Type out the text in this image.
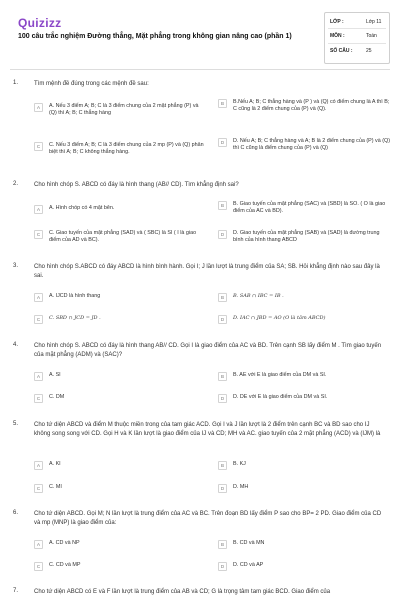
Quizizz
100 câu trắc nghiệm Đường thẳng, Mặt phẳng trong không gian nâng cao (phần 1)
LỚP :	Lớp 11
MÔN :	Toán
SỐ CÂU :	25
1.	Tìm mệnh đề đúng trong các mệnh đề sau:
A	A. Nếu 3 điểm A; B; C là 3 điểm chung của 2 mặt phẳng (P) và (Q) thì A; B; C thẳng hàng
B	B.Nếu A; B; C thẳng hàng và (P ) và (Q) có điểm chung là A thì B; C cũng là 2 điểm chung của (P) và (Q).
C	C. Nếu 3 điểm A; B; C là 3 điểm chung của 2 mp (P) và (Q) phân biệt thì A; B; C không thẳng hàng.
D	D. Nếu A; B; C thẳng hàng và A; B là 2 điểm chung của (P) và (Q) thì C cũng là điểm chung của (P) và (Q)
2.	Cho hình chóp S. ABCD có đáy là hình thang (AB// CD). Tìm khẳng định sai?
A	A. Hình chóp có 4 mặt bên.	B	B. Giao tuyến của mặt phẳng (SAC) và (SBD) là SO. ( O là giao điểm của AC và BD).
C	C. Giao tuyến của mặt phẳng (SAD) và ( SBC) là SI ( I là giao điểm của AD và BC).
D	D. Giao tuyến của mặt phẳng (SAB) và (SAD) là đường trung bình của hình thang ABCD
3.	Cho hình chóp S.ABCD có đáy ABCD là hình bình hành. Gọi I; J lần lượt là trung điểm của SA; SB. Hỏi khẳng định nào sau đây là sai.
A	A. IJCD là hình thang	B	B. SAB ∩ IBC = IB .
C	C. SBD ∩ JCD = JD .	D	D. IAC ∩ JBD = AO (O là tâm ABCD)
4.	Cho hình chóp S. ABCD có đáy là hình thang AB// CD. Gọi I là giao điểm của AC và BD. Trên cạnh SB lấy điểm M . Tìm giao tuyến của mặt phẳng (ADM) và (SAC)?
A	A. SI	B	B. AE với E là giao điểm của DM và SI.
C	C. DM	D	D. DE với E là giao điểm của DM và SI.
5.	Cho tứ diện ABCD và điểm M thuộc miền trong của tam giác ACD. Gọi I và J lần lượt là 2 điểm trên cạnh BC và BD sao cho IJ không song song với CD. Gọi H và K lần lượt là giao điểm của IJ và CD; MH và AC. giao tuyến của 2 mặt phẳng (ACD) và (IJM) là
A	A. KI	B	B. KJ
C	C. MI	D	D. MH
6.	Cho tứ diện ABCD. Gọi M; N lần lượt là trung điểm của AC và BC. Trên đoạn BD lấy điểm P sao cho BP= 2 PD. Giao điểm của CD và mp (MNP) là giao điểm của:
A	A. CD và NP	B	B. CD và MN
C	C. CD và MP	D	D. CD và AP
7.	Cho tứ diện ABCD có E và F lần lượt là trung điểm của AB và CD; G là trọng tâm tam giác BCD. Giao điểm của
